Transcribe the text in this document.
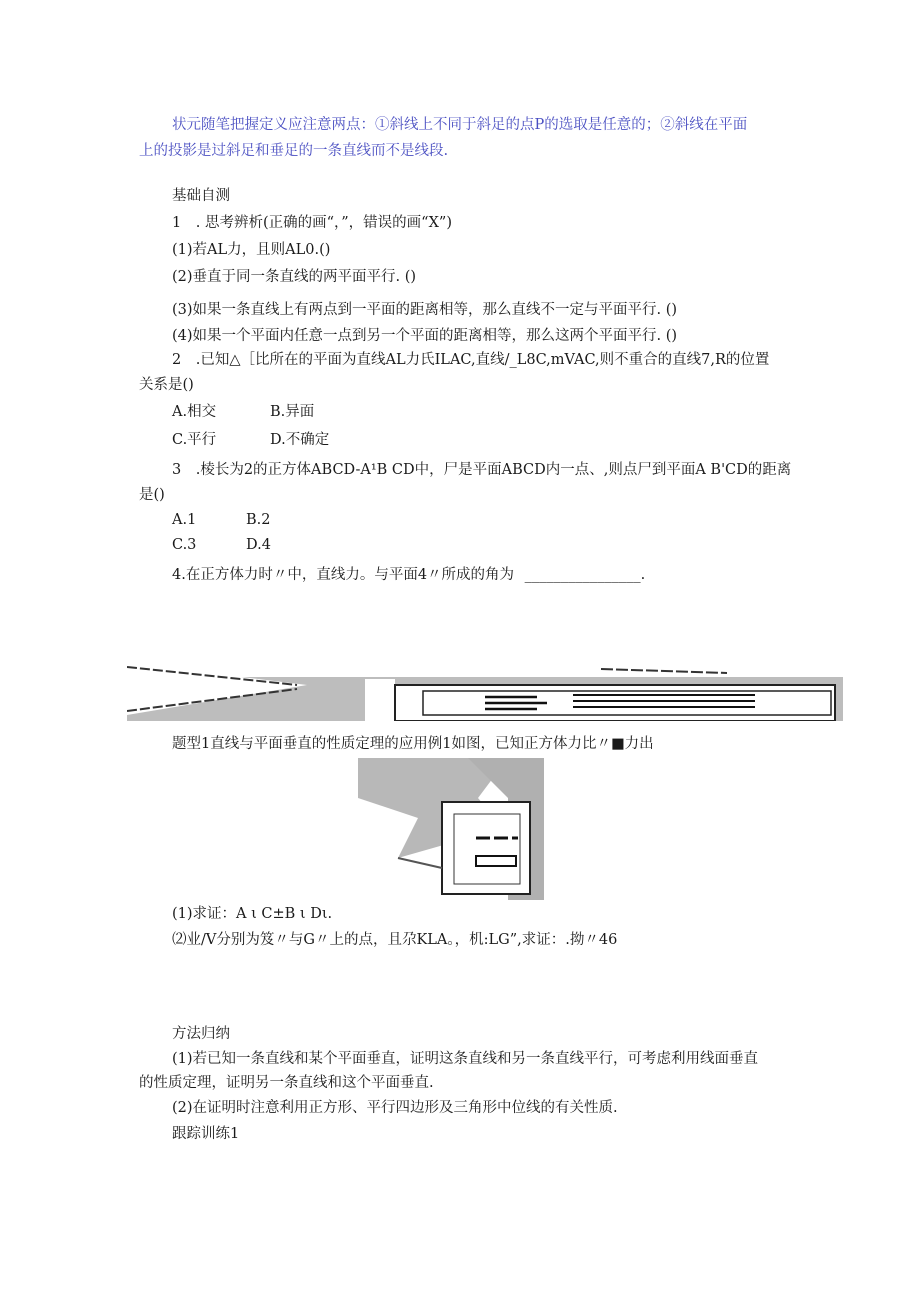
状元随笔把握定义应注意两点：①斜线上不同于斜足的点P的选取是任意的；②斜线在平面
上的投影是过斜足和垂足的一条直线而不是线段.
基础自测
1　. 思考辨析(正确的画“，”，错误的画“X”)
(1)若AL力，且则AL0.()
(2)垂直于同一条直线的两平面平行. ()
(3)如果一条直线上有两点到一平面的距离相等，那么直线不一定与平面平行. ()
(4)如果一个平面内任意一点到另一个平面的距离相等，那么这两个平面平行. ()
2　.已知△［比所在的平面为直线AL力氏ILAC,直线/_L8C,mVAC,则不重合的直线7,R的位置
关系是()
A.相交	B.异面
C.平行	D.不确定
3　.棱长为2的正方体ABCD-A¹B CD中，尸是平面ABCD内一点、,则点尸到平面A B'CD的距离
是()
A.1	B.2
C.3	D.4
4.在正方体力时〃中，直线力。与平面4〃所成的角为 ________________.
题型1直线与平面垂直的性质定理的应用例1如图，已知正方体力比〃■力出
(1)求证：A ι C±B ι Dι.
⑵业/V分别为笈〃与G〃上的点，且尕KLA。，机:LG”,求证：.拗〃46
方法归纳
(1)若已知一条直线和某个平面垂直，证明这条直线和另一条直线平行，可考虑利用线面垂直
的性质定理，证明另一条直线和这个平面垂直.
(2)在证明时注意利用正方形、平行四边形及三角形中位线的有关性质.
跟踪训练1
